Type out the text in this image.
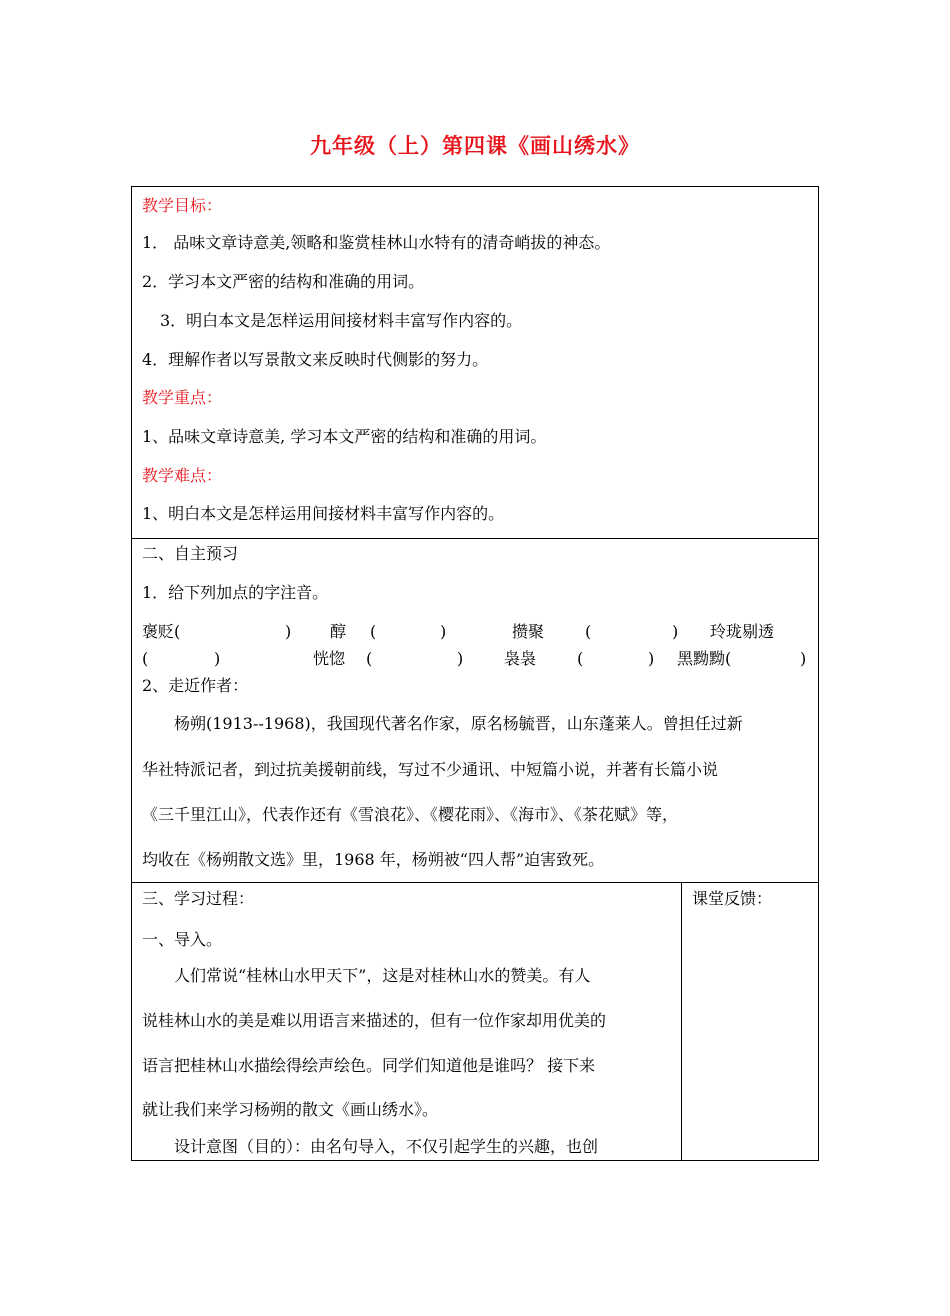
九年级（上）第四课《画山绣水》
教学目标：
1． 品味文章诗意美,领略和鉴赏桂林山水特有的清奇峭拔的神态。
2．学习本文严密的结构和准确的用词。
3．明白本文是怎样运用间接材料丰富写作内容的。
4．理解作者以写景散文来反映时代侧影的努力。
教学重点：
1、品味文章诗意美, 学习本文严密的结构和准确的用词。
教学难点：
1、明白本文是怎样运用间接材料丰富写作内容的。
二、自主预习
1．给下列加点的字注音。
褒贬(	) 醇 (	)	攒聚	(	) 玲珑剔透
(	)	恍惚 (	)	袅袅	(	) 黑黝黝(	)
2、走近作者：
杨朔(1913--1968)，我国现代著名作家，原名杨毓晋，山东蓬莱人。曾担任过新
华社特派记者，到过抗美援朝前线，写过不少通讯、中短篇小说，并著有长篇小说
《三千里江山》，代表作还有《雪浪花》、《樱花雨》、《海市》、《茶花赋》等，
均收在《杨朔散文选》里，1968 年，杨朔被“四人帮”迫害致死。
三、学习过程：	课堂反馈：
一、导入。
人们常说“桂林山水甲天下”，这是对桂林山水的赞美。有人
说桂林山水的美是难以用语言来描述的，但有一位作家却用优美的
语言把桂林山水描绘得绘声绘色。同学们知道他是谁吗？ 接下来
就让我们来学习杨朔的散文《画山绣水》。
设计意图（目的）：由名句导入，不仅引起学生的兴趣，也创
